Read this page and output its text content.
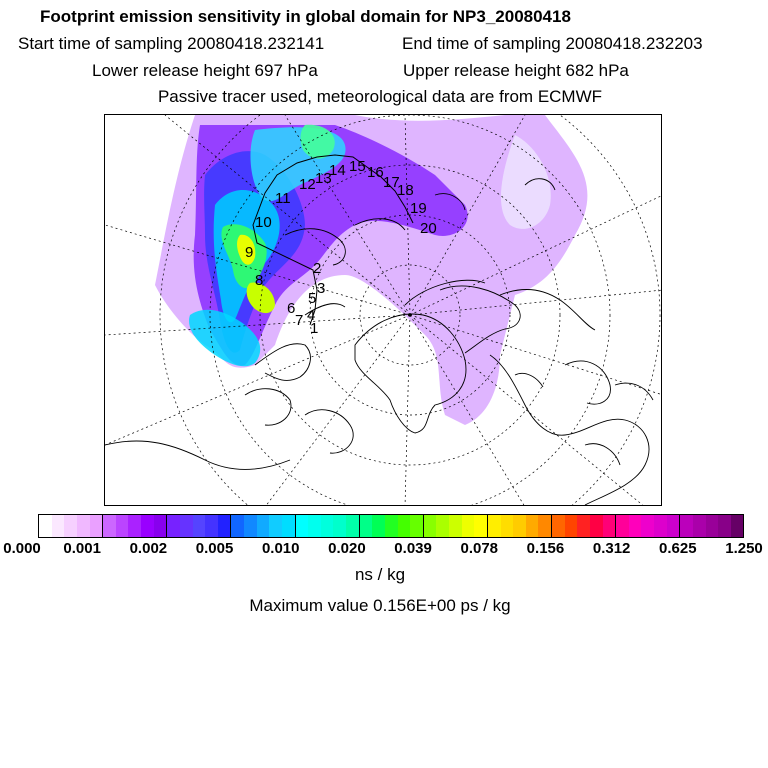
Footprint emission sensitivity in global domain for NP3_20080418
Start time of sampling 20080418.232141	End time of sampling 20080418.232203
Lower release height 697 hPa	Upper release height 682 hPa
Passive tracer used, meteorological data are from ECMWF
1
2
3
4
5
6
7
8
9
10
11
12 13
14 15 16
17
18
19
20
0.000 0.001 0.002 0.005 0.010 0.020 0.039 0.078 0.156 0.312 0.625 1.250
ns / kg
Maximum value 0.156E+00 ps / kg
